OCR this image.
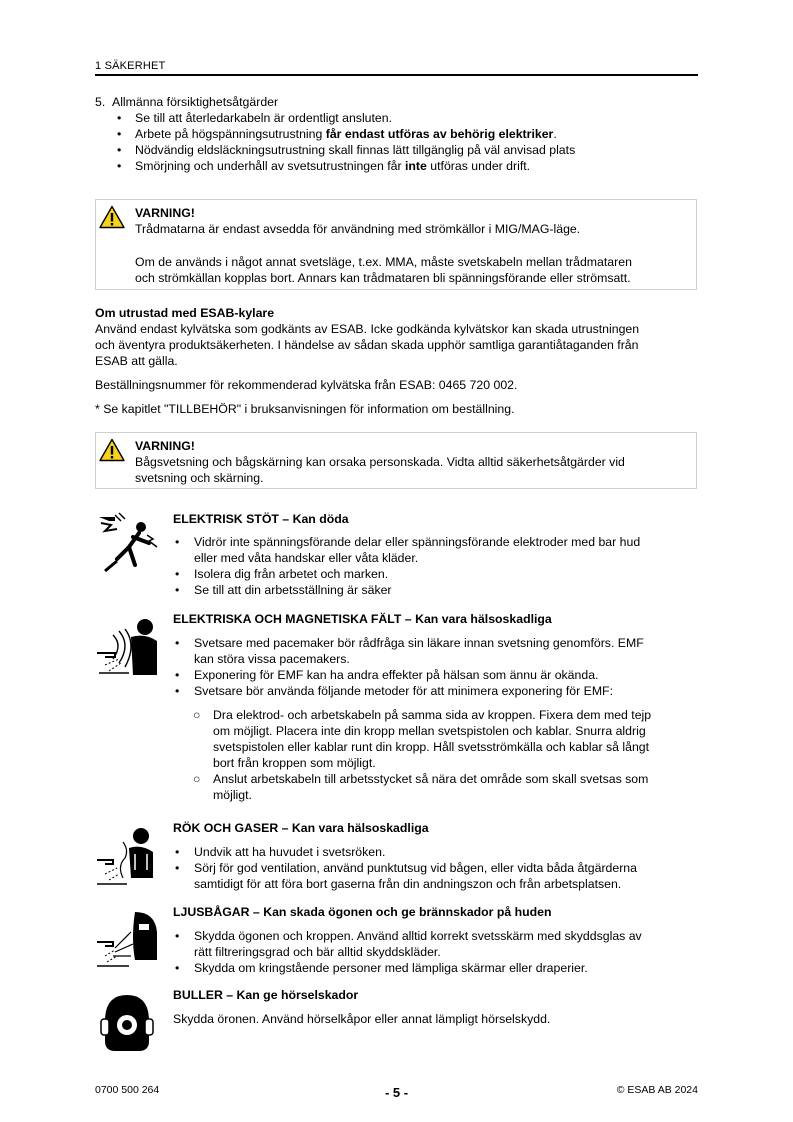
1 SÄKERHET
5. Allmänna försiktighetsåtgärder
• Se till att återledarkabeln är ordentligt ansluten.
• Arbete på högspänningsutrustning får endast utföras av behörig elektriker.
• Nödvändig eldsläckningsutrustning skall finnas lätt tillgänglig på väl anvisad plats
• Smörjning och underhåll av svetsutrustningen får inte utföras under drift.
VARNING!
Trådmatarna är endast avsedda för användning med strömkällor i MIG/MAG-läge.
Om de används i något annat svetsläge, t.ex. MMA, måste svetskabeln mellan trådmataren
och strömkällan kopplas bort. Annars kan trådmataren bli spänningsförande eller strömsatt.
Om utrustad med ESAB-kylare
Använd endast kylvätska som godkänts av ESAB. Icke godkända kylvätskor kan skada utrustningen
och äventyra produktsäkerheten. I händelse av sådan skada upphör samtliga garantiåtaganden från
ESAB att gälla.
Beställningsnummer för rekommenderad kylvätska från ESAB: 0465 720 002.
* Se kapitlet "TILLBEHÖR" i bruksanvisningen för information om beställning.
VARNING!
Bågsvetsning och bågskärning kan orsaka personskada. Vidta alltid säkerhetsåtgärder vid
svetsning och skärning.
ELEKTRISK STÖT – Kan döda
• Vidrör inte spänningsförande delar eller spänningsförande elektroder med bar hud
eller med våta handskar eller våta kläder.
• Isolera dig från arbetet och marken.
• Se till att din arbetsställning är säker
ELEKTRISKA OCH MAGNETISKA FÄLT – Kan vara hälsoskadliga
• Svetsare med pacemaker bör rådfråga sin läkare innan svetsning genomförs. EMF
kan störa vissa pacemakers.
• Exponering för EMF kan ha andra effekter på hälsan som ännu är okända.
• Svetsare bör använda följande metoder för att minimera exponering för EMF:
○ Dra elektrod- och arbetskabeln på samma sida av kroppen. Fixera dem med tejp
om möjligt. Placera inte din kropp mellan svetspistolen och kablar. Snurra aldrig
svetspistolen eller kablar runt din kropp. Håll svetsströmkälla och kablar så långt
bort från kroppen som möjligt.
○ Anslut arbetskabeln till arbetsstycket så nära det område som skall svetsas som
möjligt.
RÖK OCH GASER – Kan vara hälsoskadliga
• Undvik att ha huvudet i svetsröken.
• Sörj för god ventilation, använd punktutsug vid bågen, eller vidta båda åtgärderna
samtidigt för att föra bort gaserna från din andningszon och från arbetsplatsen.
LJUSBÅGAR – Kan skada ögonen och ge brännskador på huden
• Skydda ögonen och kroppen. Använd alltid korrekt svetsskärm med skyddsglas av
rätt filtreringsgrad och bär alltid skyddskläder.
• Skydda om kringstående personer med lämpliga skärmar eller draperier.
BULLER – Kan ge hörselskador
Skydda öronen. Använd hörselkåpor eller annat lämpligt hörselskydd.
0700 500 264	- 5 -	© ESAB AB 2024
